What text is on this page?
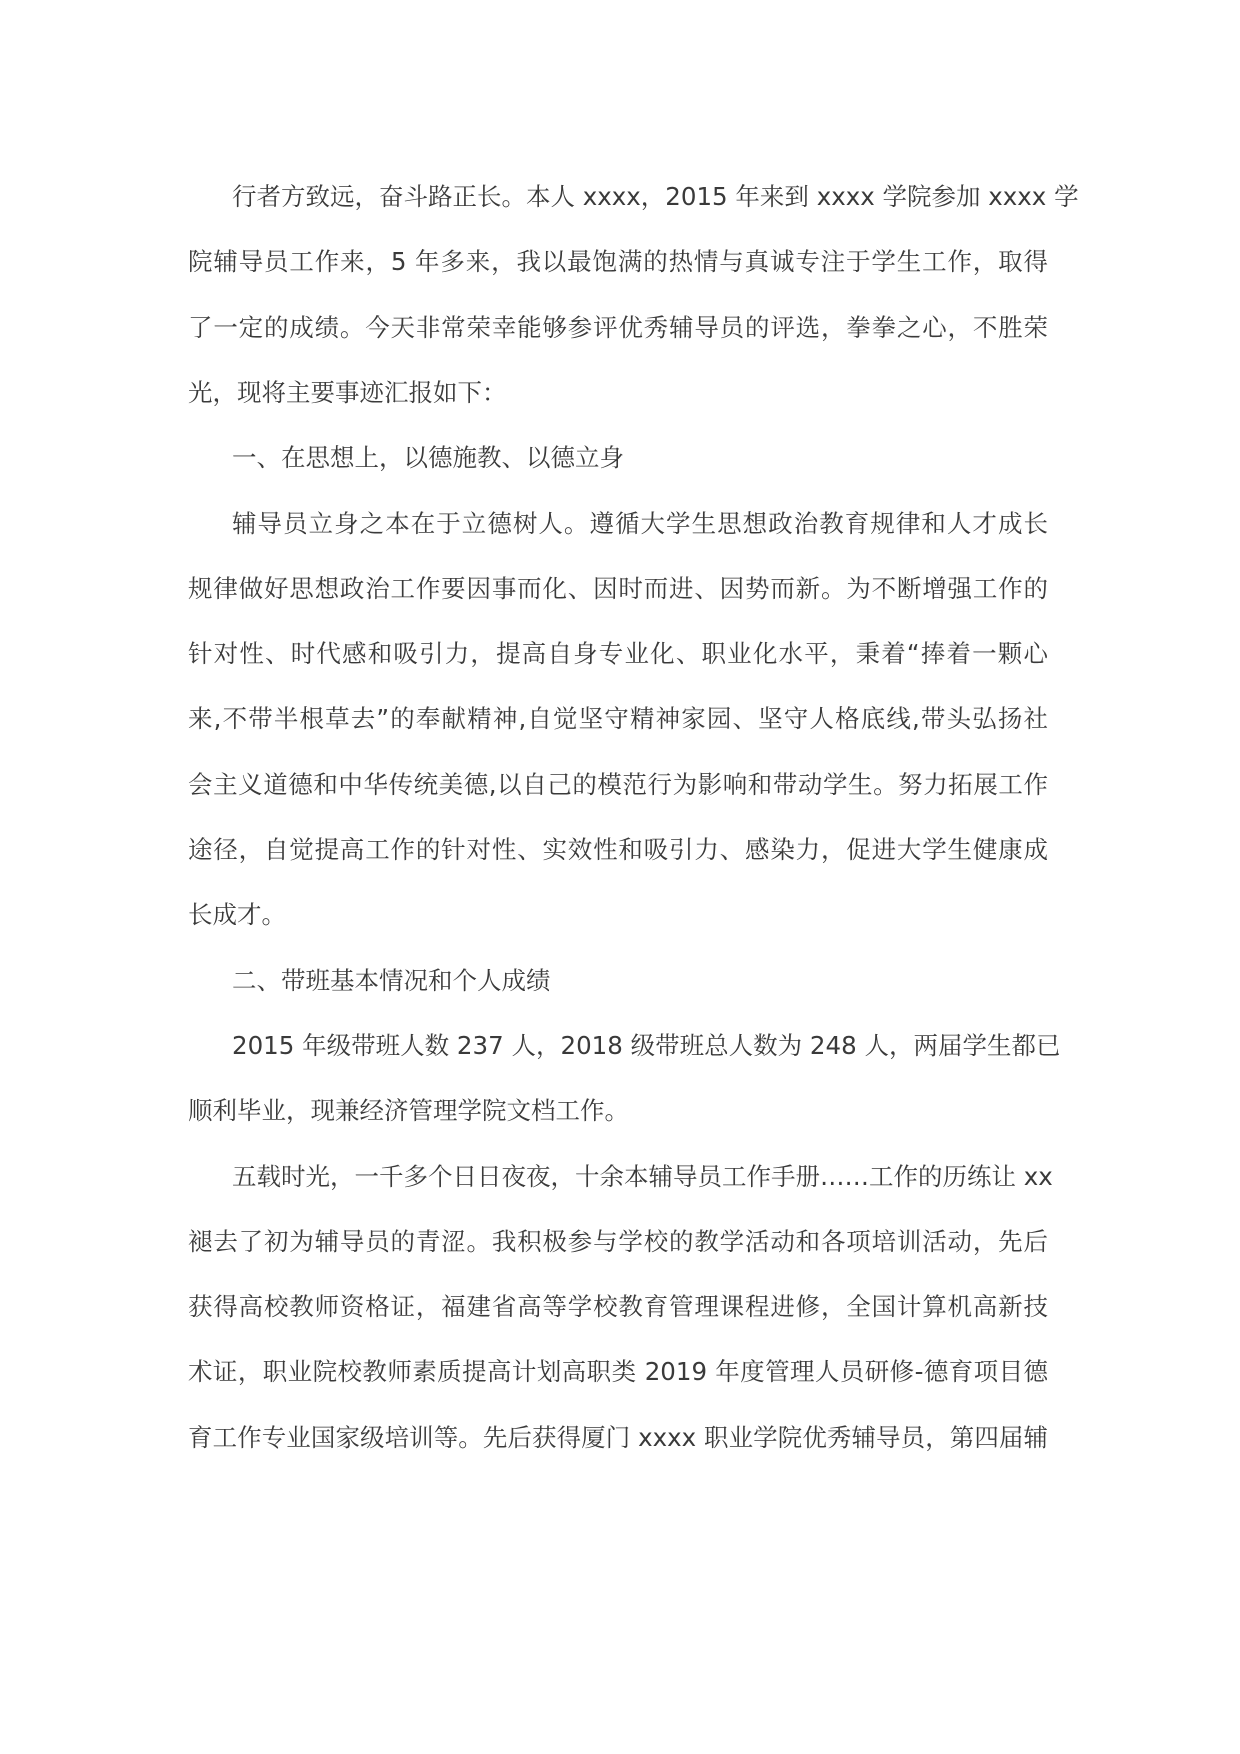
行者方致远，奋斗路正长。本人 xxxx，2015 年来到 xxxx 学院参加 xxxx 学
院辅导员工作来，5 年多来，我以最饱满的热情与真诚专注于学生工作，取得
了一定的成绩。今天非常荣幸能够参评优秀辅导员的评选，拳拳之心，不胜荣
光，现将主要事迹汇报如下：
一、在思想上，以德施教、以德立身
辅导员立身之本在于立德树人。遵循大学生思想政治教育规律和人才成长
规律做好思想政治工作要因事而化、因时而进、因势而新。为不断增强工作的
针对性、时代感和吸引力，提高自身专业化、职业化水平，秉着“捧着一颗心
来,不带半根草去”的奉献精神,自觉坚守精神家园、坚守人格底线,带头弘扬社
会主义道德和中华传统美德,以自己的模范行为影响和带动学生。努力拓展工作
途径，自觉提高工作的针对性、实效性和吸引力、感染力，促进大学生健康成
长成才。
二、带班基本情况和个人成绩
2015 年级带班人数 237 人，2018 级带班总人数为 248 人，两届学生都已
顺利毕业，现兼经济管理学院文档工作。
五载时光，一千多个日日夜夜，十余本辅导员工作手册……工作的历练让 xx
褪去了初为辅导员的青涩。我积极参与学校的教学活动和各项培训活动，先后
获得高校教师资格证，福建省高等学校教育管理课程进修，全国计算机高新技
术证，职业院校教师素质提高计划高职类 2019 年度管理人员研修-德育项目德
育工作专业国家级培训等。先后获得厦门 xxxx 职业学院优秀辅导员，第四届辅
